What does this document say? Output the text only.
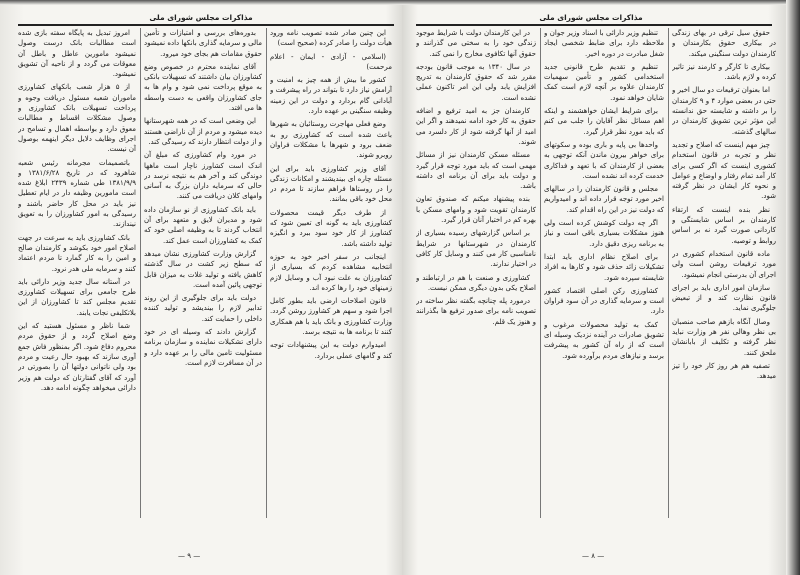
مذاکرات مجلس شورای ملی

امروز تبدیل به پایگاه سفته بازی شده است مطالبات بانک درست وصول نمیشود مامورین عاطل و باطل آن معوقات می گردد و از ناحیه آن تشویق نمیشود.

از ۵ هزار شعب بانکهای کشاورزی ماموران شعبه مسئول دریافت وجوه و پرداخت تسهیلات بانک کشاورزی و وصول مشکلات اقساط و مطالبات معوق دارد و بواسطه اهمال و تسامح در اجرای وظایف دلایل دیگر اینهمه بوصول آن نیست.

باتصمیمات مجرمانه رئیس شعبه شاهرود که در تاریخ ۱۳۸۱/۶/۲۸ و ۱۳۸۱/۹/۹ طی شماره ۲۴۳۹ ابلاغ شده است مامورین وظیفه دار در ایام تعطیل نیز باید در محل کار حاضر باشند و رسیدگی به امور کشاورزان را به تعویق نیندازند.

بانک کشاورزی باید به سرعت در جهت اصلاح امور خود بکوشد و کارمندان صالح و امین را به کار گمارد تا مردم اعتماد کنند و سرمایه ملی هدر نرود.

در آستانه سال جدید وزیر دارائی باید طرح جامعی برای تسهیلات کشاورزی تقدیم مجلس کند تا کشاورزان از این بلاتکلیفی نجات یابند.

شما ناظر و مسئول هستید که این وضع اصلاح گردد و از حقوق مردم محروم دفاع شود. اگر بمنظور فاش جمع آوری سازند که بهبود حال رعیت و مردم بود ولی ناتوانی دولتها آن را بصورتی در آورد که آقای گفتارتان که دولت هم وزیر دارائی میخواهد چگونه ادامه دهد.

بدوره‌های بررسی و امتیازات و تأمین مالی و سرمایه گذاری بانکها داده نمیشود حقوق مقامات هم بجای خود میرود.

آقای نماینده محترم در خصوص وضع کشاورزان بیان داشتند که تسهیلات بانکی به موقع پرداخت نمی شود و وام ها به جای کشاورزان واقعی به دست واسطه ها می افتد.

این وضعی است که در همه شهرستانها دیده میشود و مردم از آن ناراضی هستند و از دولت انتظار دارند که رسیدگی کند.

در مورد وام کشاورزی که مبلغ آن اندک است کشاورز ناچار است ماهها دوندگی کند و آخر هم به نتیجه نرسد در حالی که سرمایه داران بزرگ به آسانی وامهای کلان دریافت می کنند.

باید بانک کشاورزی از نو سازمان داده شود و مدیران لایق و متعهد برای آن انتخاب گردند تا به وظیفه اصلی خود که کمک به کشاورزان است عمل کند.

گزارش وزارت کشاورزی نشان میدهد که سطح زیر کشت در سال گذشته کاهش یافته و تولید غلات به میزان قابل توجهی پائین آمده است.

دولت باید برای جلوگیری از این روند تدابیر لازم را بیندیشد و تولید کننده داخلی را حمایت کند.

گزارش دادند که وسیله ای در خود دارای تشکیلات نماینده و سازمان برنامه مسئولیت تامین مالی را بر عهده دارد و در آن مسافرت لازم است.

این چنین صادر شده تصویب نامه ورود هیأت دولت را صادر کرده (صحیح است)

(اسلامی - آزادی - ایمان - اعلام مرحمت)

کشور ما بیش از همه چیز به امنیت و آرامش نیاز دارد تا بتواند در راه پیشرفت و آبادانی گام بردارد و دولت در این زمینه وظیفه سنگینی بر عهده دارد.

وضع فعلی مهاجرت روستائیان به شهرها باعث شده است که کشاورزی رو به ضعف برود و شهرها با مشکلات فراوان روبرو شوند.

آقای وزیر کشاورزی باید برای این مسئله چاره ای بیندیشند و امکانات زندگی را در روستاها فراهم سازند تا مردم در محل خود باقی بمانند.

از طرف دیگر قیمت محصولات کشاورزی باید به گونه ای تعیین شود که کشاورز از کار خود سود ببرد و انگیزه تولید داشته باشد.

اینجانب در سفر اخیر خود به حوزه انتخابیه مشاهده کردم که بسیاری از کشاورزان به علت نبود آب و وسایل لازم زمینهای خود را رها کرده اند.

قانون اصلاحات ارضی باید بطور کامل اجرا شود و سهم هر کشاورز روشن گردد. وزارت کشاورزی و بانک باید با هم همکاری کنند تا برنامه ها به نتیجه برسد.

امیدوارم دولت به این پیشنهادات توجه کند و گامهای عملی بردارد.

— ۹ —
مذاکرات مجلس شورای ملی

در این کارمندان دولت با شرایط موجود زندگی خود را به سختی می گذرانند و حقوق آنها تکافوی مخارج را نمی کند.

در سال ۱۳۴۰ به موجب قانون بودجه مقرر شد که حقوق کارمندان به تدریج افزایش یابد ولی این امر تاکنون عملی نشده است.

کارمندان جز به امید ترفیع و اضافه حقوق به کار خود ادامه نمیدهند و اگر این امید از آنها گرفته شود از کار دلسرد می شوند.

مسئله مسکن کارمندان نیز از مسائل مهمی است که باید مورد توجه قرار گیرد و دولت باید برای آن برنامه ای داشته باشد.

بنده پیشنهاد میکنم که صندوق تعاون کارمندان تقویت شود و وامهای مسکن با بهره کم در اختیار آنان قرار گیرد.

بر اساس گزارشهای رسیده بسیاری از کارمندان در شهرستانها در شرایط نامناسبی کار می کنند و وسایل کار کافی در اختیار ندارند.

کشاورزی و صنعت با هم در ارتباطند و اصلاح یکی بدون دیگری ممکن نیست.

درمورد پله چنانچه بگفته نظر ساخته در تصویب نامه برای صدور ترفیع ها بگذرانند و هنوز یک قلم.

تنظیم وزیر دارائی با اسناد وزیر جوان و ملاحظه دارد برای ضابط شخصی ایجاد شغل مبادرت در دوره اخیر.

تنظیم و تقدیم طرح قانونی جدید استخدامی کشور و تأمین سهمیات کارمندان علاوه بر آنچه لازم است کمک شایان خواهد نمود.

برای شرایط ایشان خواهشمند و اینکه اهم مسائل نظر آقایان را جلب می کنم که باید مورد نظر قرار گیرد.

واحدها بی پایه و باری بوده و سکوتهای برای خواهر بیرون ماندن آنکه توجهی به بعضی از کارمندان که با تعهد و فداکاری خدمت کرده اند نشده است.

مجلس و قانون کارمندان را در سالهای اخیر مورد توجه قرار داده اند و امیدواریم که دولت نیز در این راه اقدام کند.

اگر چه دولت کوشش کرده است ولی هنوز مشکلات بسیاری باقی است و نیاز به برنامه ریزی دقیق دارد.

برای اصلاح نظام اداری باید ابتدا تشکیلات زائد حذف شود و کارها به افراد شایسته سپرده شود.

کشاورزی رکن اصلی اقتصاد کشور است و سرمایه گذاری در آن سود فراوان دارد.

کمک به تولید محصولات مرغوب و تشویق صادرات در آینده نزدیک وسیله ای است که از راه آن کشور به پیشرفت برسد و نیازهای مردم برآورده شود.

حقوق سیل ترقی در بهای زندگی در بیکاری حقوق بکارمندان و کارمندان دولت سنگینی میکند.

بیکاری تا کارگر و کارمند نیز تاثیر کرده و لازم باشد.

اما بعنوان ترفیعات دو سال اخیر و حتی در بعضی موارد ۴ و ۹ کارمندان را بر داشته و شایسته حق ندانسته این مؤثر ترین تشویق کارمندان در سالهای گذشته.

چیز مهم اینست که اصلاح و تجدید نظر و تجربه در قانون استخدام کشوری اینست که اگر کسی برای کار آمد تمام رفتار و اوضاع و عوامل و نحوه کار ایشان در نظر گرفته شود.

نظر بنده اینست که ارتقاء کارمندان بر اساس شایستگی و کاردانی صورت گیرد نه بر اساس روابط و توصیه.

ماده قانون استخدام کشوری در مورد ترفیعات روشن است ولی اجرای آن بدرستی انجام نمیشود.

سازمان امور اداری باید بر اجرای قانون نظارت کند و از تبعیض جلوگیری نماید.

وصال آنگاه بازهم صاحب منصبان بی نظر وهالی نفر هر وزارت نباید نظر گرفته و تکلیف از بابانشان ملحق کنند.

تصفیه هم هر روز کار خود را تیز میدهد.

— ۸ —
